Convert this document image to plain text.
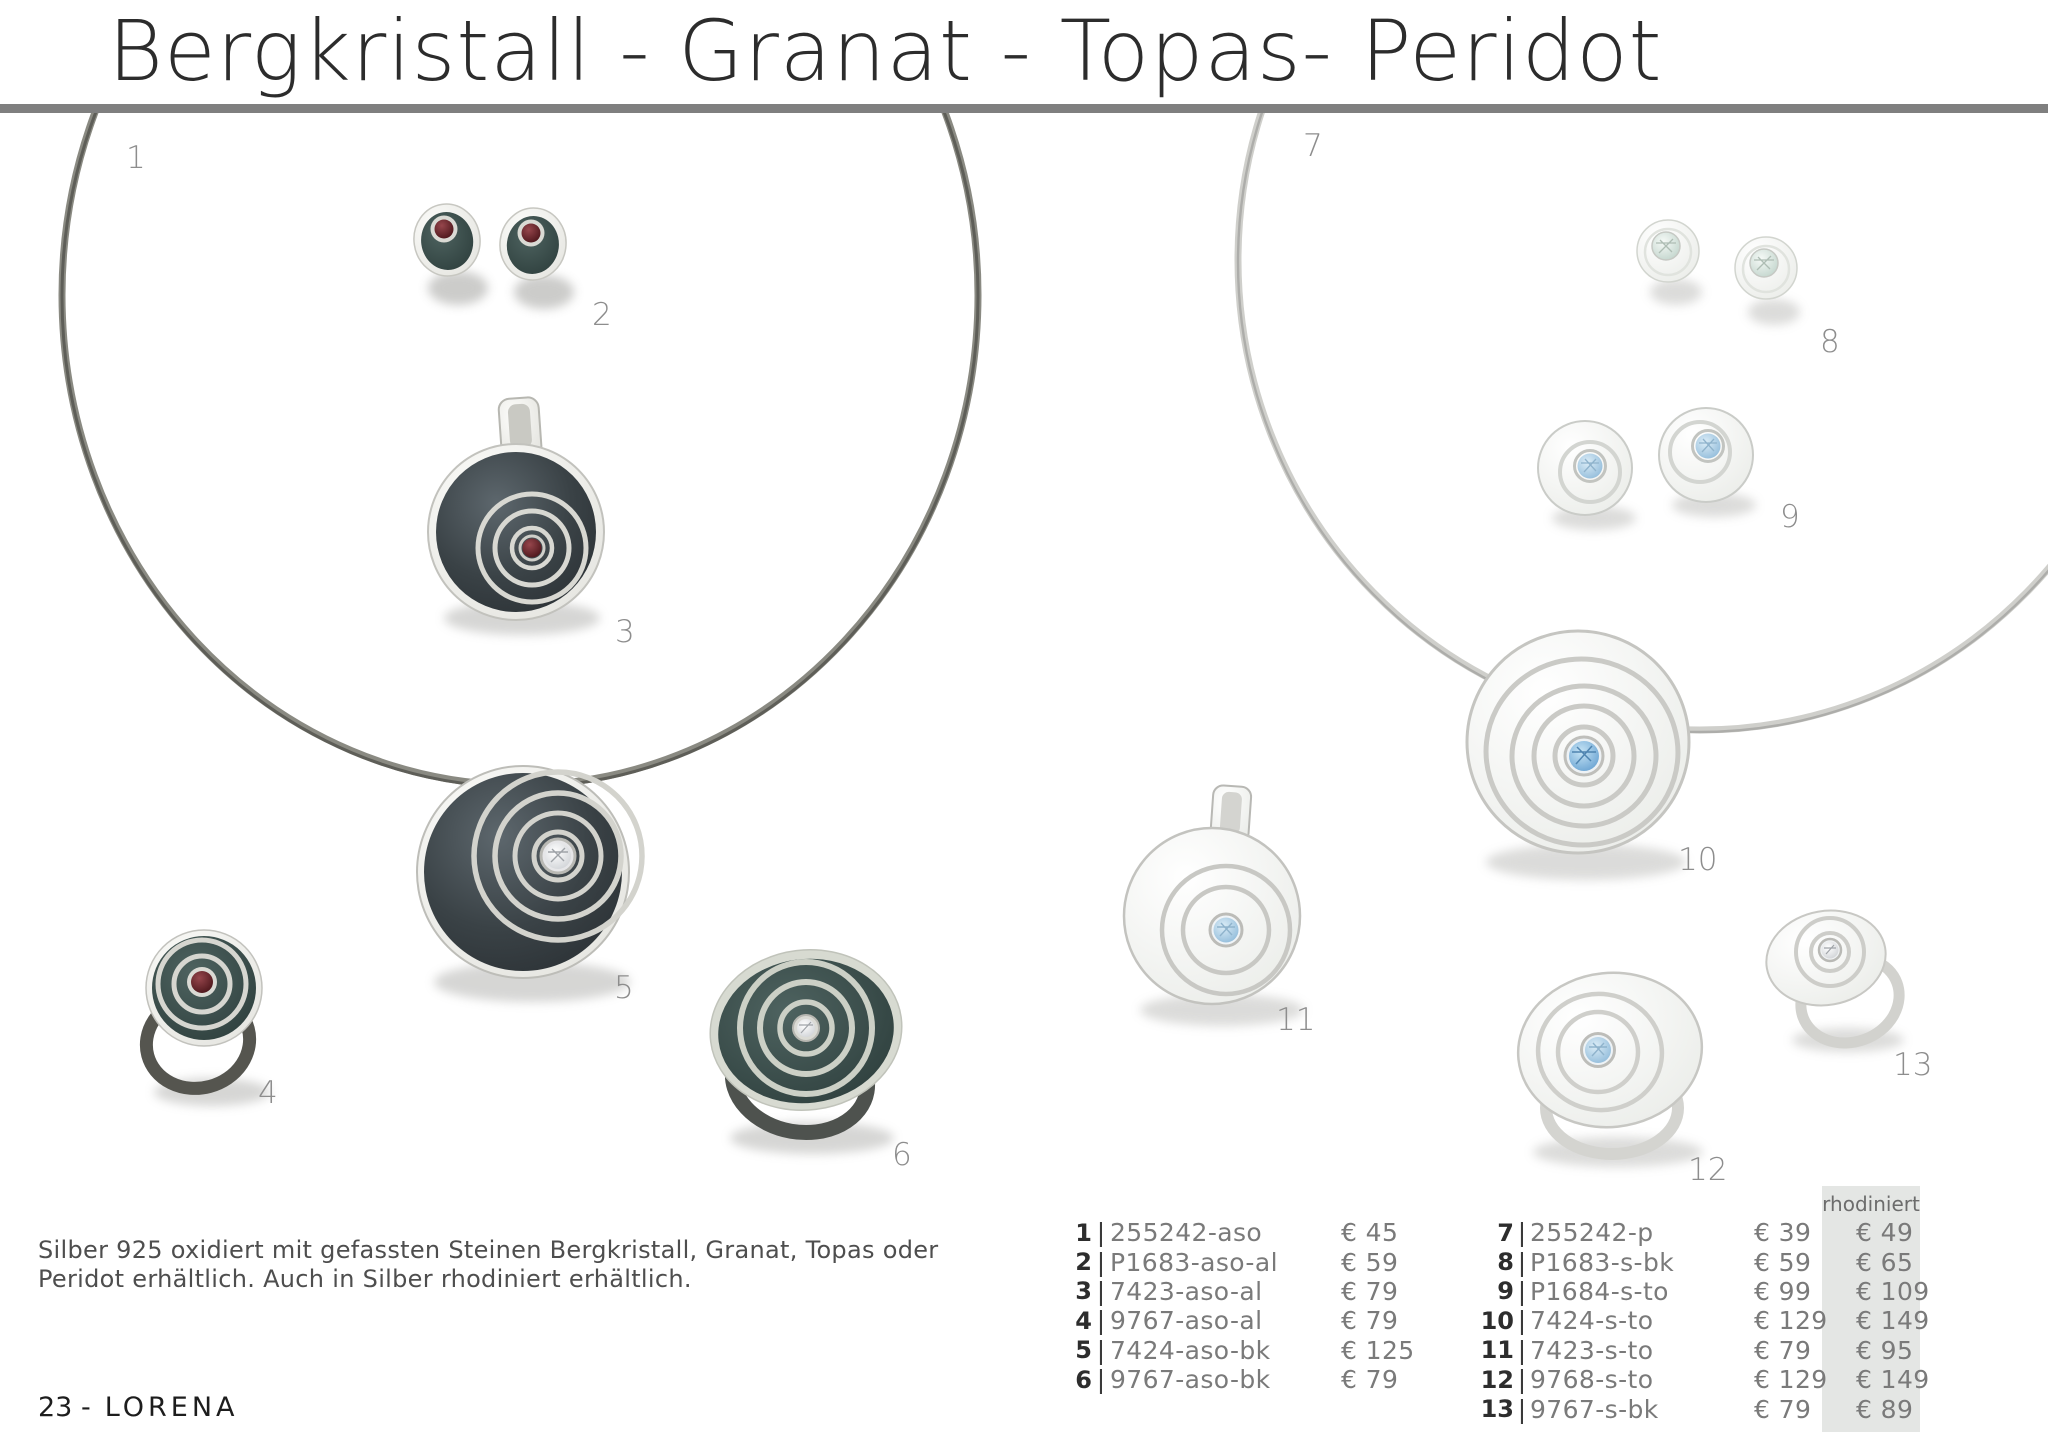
Bergkristall - Granat - Topas- Peridot
1
2
3
4
5
6
7
8
9
10
11
12
13
Silber 925 oxidiert mit gefassten Steinen Bergkristall, Granat, Topas oder
Peridot erhältlich. Auch in Silber rhodiniert erhältlich.
23 - LORENA
rhodiniert
1 | 255242-aso	€ 45
2 | P1683-aso-al	€ 59
3 | 7423-aso-al	€ 79
4 | 9767-aso-al	€ 79
5 | 7424-aso-bk	€ 125
6 | 9767-aso-bk	€ 79
7 | 255242-p	€ 39	€ 49
8 | P1683-s-bk	€ 59	€ 65
9 | P1684-s-to	€ 99	€ 109
10 | 7424-s-to	€ 129	€ 149
11 | 7423-s-to	€ 79	€ 95
12 | 9768-s-to	€ 129	€ 149
13 | 9767-s-bk	€ 79	€ 89
